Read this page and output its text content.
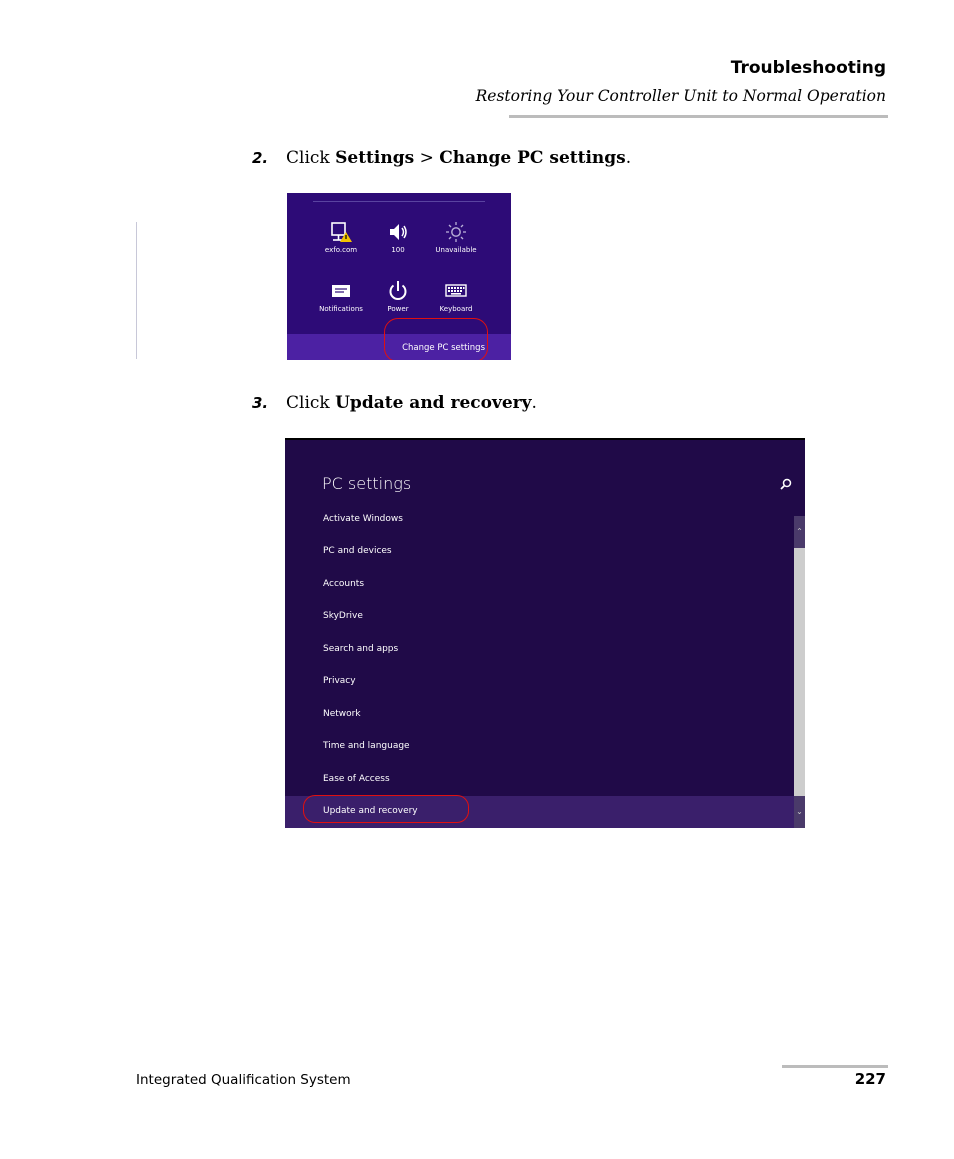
Troubleshooting
Restoring Your Controller Unit to Normal Operation
2. Click Settings > Change PC settings.
exfo.com	100	Unavailable
Notifications	Power	Keyboard
Change PC settings
3. Click Update and recovery.
PC settings
Activate Windows
PC and devices
Accounts
SkyDrive
Search and apps
Privacy
Network
Time and language
Ease of Access
Update and recovery
⌃
⌄
Integrated Qualification System	227
